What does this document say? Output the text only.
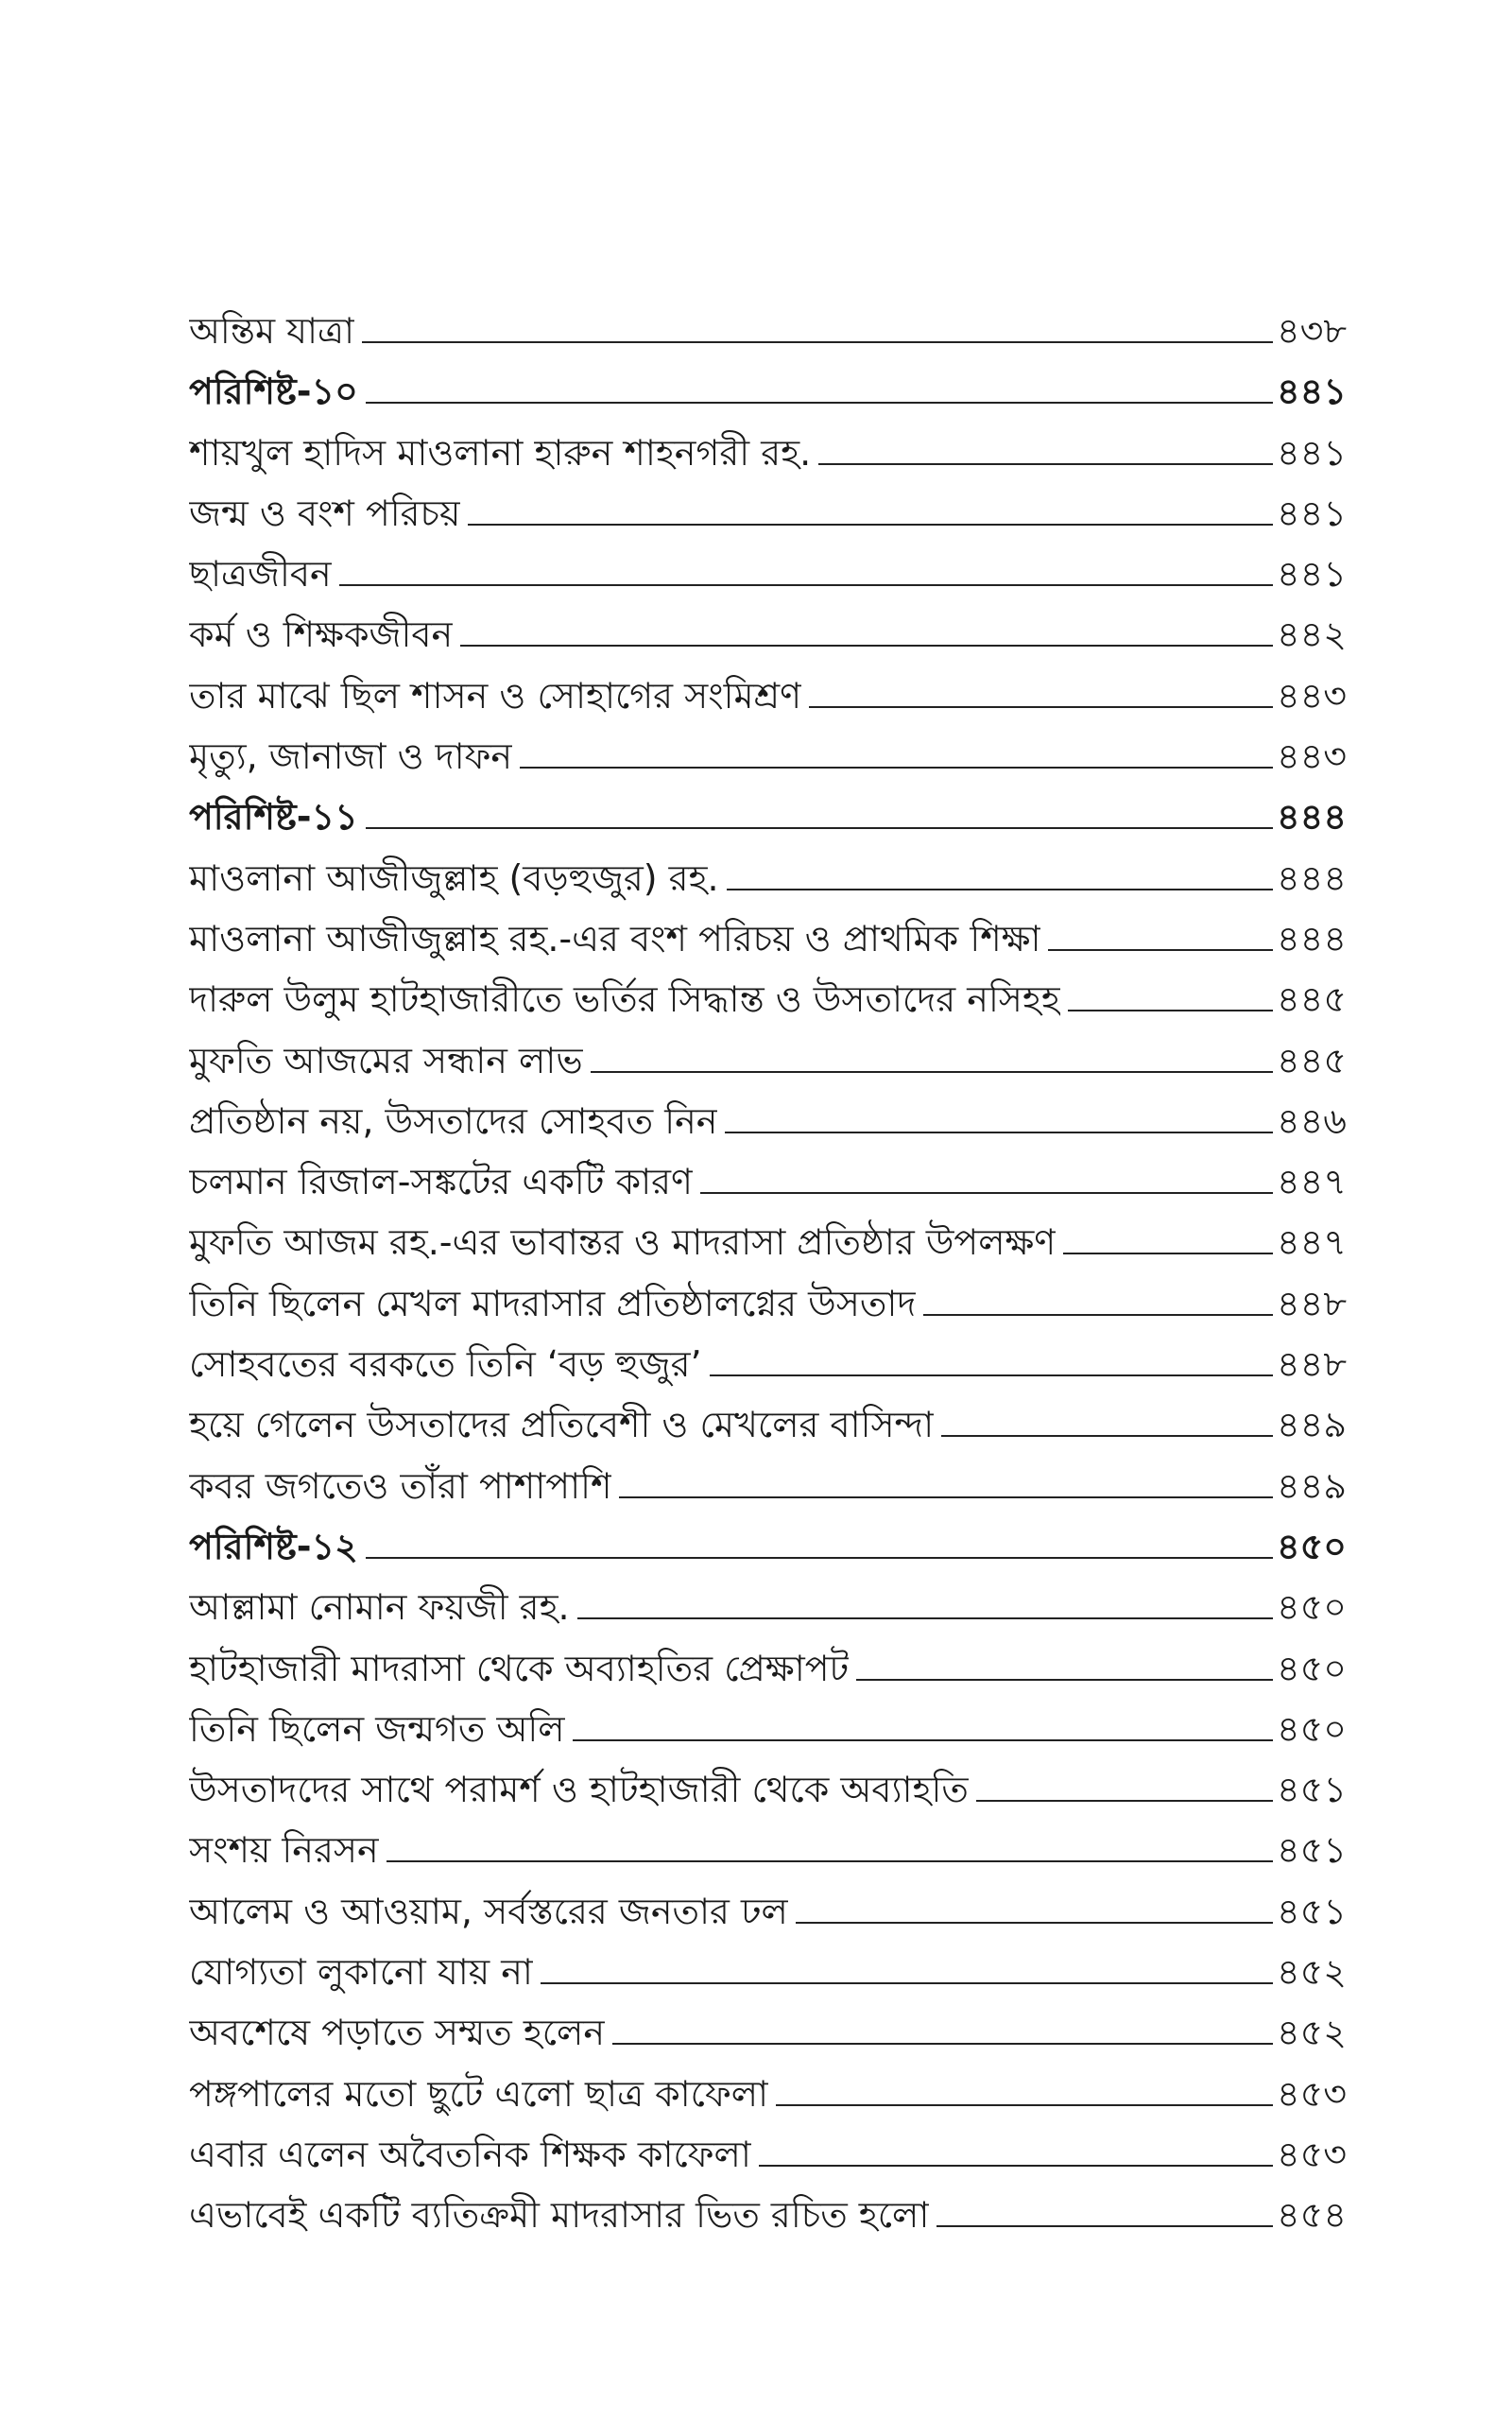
অন্তিম যাত্রা	৪৩৮
পরিশিষ্ট-১০	৪৪১
শায়খুল হাদিস মাওলানা হারুন শাহনগরী রহ.	৪৪১
জন্ম ও বংশ পরিচয়	৪৪১
ছাত্রজীবন	৪৪১
কর্ম ও শিক্ষকজীবন	৪৪২
তার মাঝে ছিল শাসন ও সোহাগের সংমিশ্রণ	৪৪৩
মৃত্যু, জানাজা ও দাফন	৪৪৩
পরিশিষ্ট-১১	৪৪৪
মাওলানা আজীজুল্লাহ (বড়হুজুর) রহ.	৪৪৪
মাওলানা আজীজুল্লাহ রহ.-এর বংশ পরিচয় ও প্রাথমিক শিক্ষা	৪৪৪
দারুল উলুম হাটহাজারীতে ভর্তির সিদ্ধান্ত ও উসতাদের নসিহহ	৪৪৫
মুফতি আজমের সন্ধান লাভ	৪৪৫
প্রতিষ্ঠান নয়, উসতাদের সোহবত নিন	৪৪৬
চলমান রিজাল-সঙ্কটের একটি কারণ	৪৪৭
মুফতি আজম রহ.-এর ভাবান্তর ও মাদরাসা প্রতিষ্ঠার উপলক্ষণ	৪৪৭
তিনি ছিলেন মেখল মাদরাসার প্রতিষ্ঠালগ্নের উসতাদ	৪৪৮
সোহবতের বরকতে তিনি ‘বড় হুজুর’	৪৪৮
হয়ে গেলেন উসতাদের প্রতিবেশী ও মেখলের বাসিন্দা	৪৪৯
কবর জগতেও তাঁরা পাশাপাশি	৪৪৯
পরিশিষ্ট-১২	৪৫০
আল্লামা নোমান ফয়জী রহ.	৪৫০
হাটহাজারী মাদরাসা থেকে অব্যাহতির প্রেক্ষাপট	৪৫০
তিনি ছিলেন জন্মগত অলি	৪৫০
উসতাদদের সাথে পরামর্শ ও হাটহাজারী থেকে অব্যাহতি	৪৫১
সংশয় নিরসন	৪৫১
আলেম ও আওয়াম, সর্বস্তরের জনতার ঢল	৪৫১
যোগ্যতা লুকানো যায় না	৪৫২
অবশেষে পড়াতে সম্মত হলেন	৪৫২
পঙ্গপালের মতো ছুটে এলো ছাত্র কাফেলা	৪৫৩
এবার এলেন অবৈতনিক শিক্ষক কাফেলা	৪৫৩
এভাবেই একটি ব্যতিক্রমী মাদরাসার ভিত রচিত হলো	৪৫৪
